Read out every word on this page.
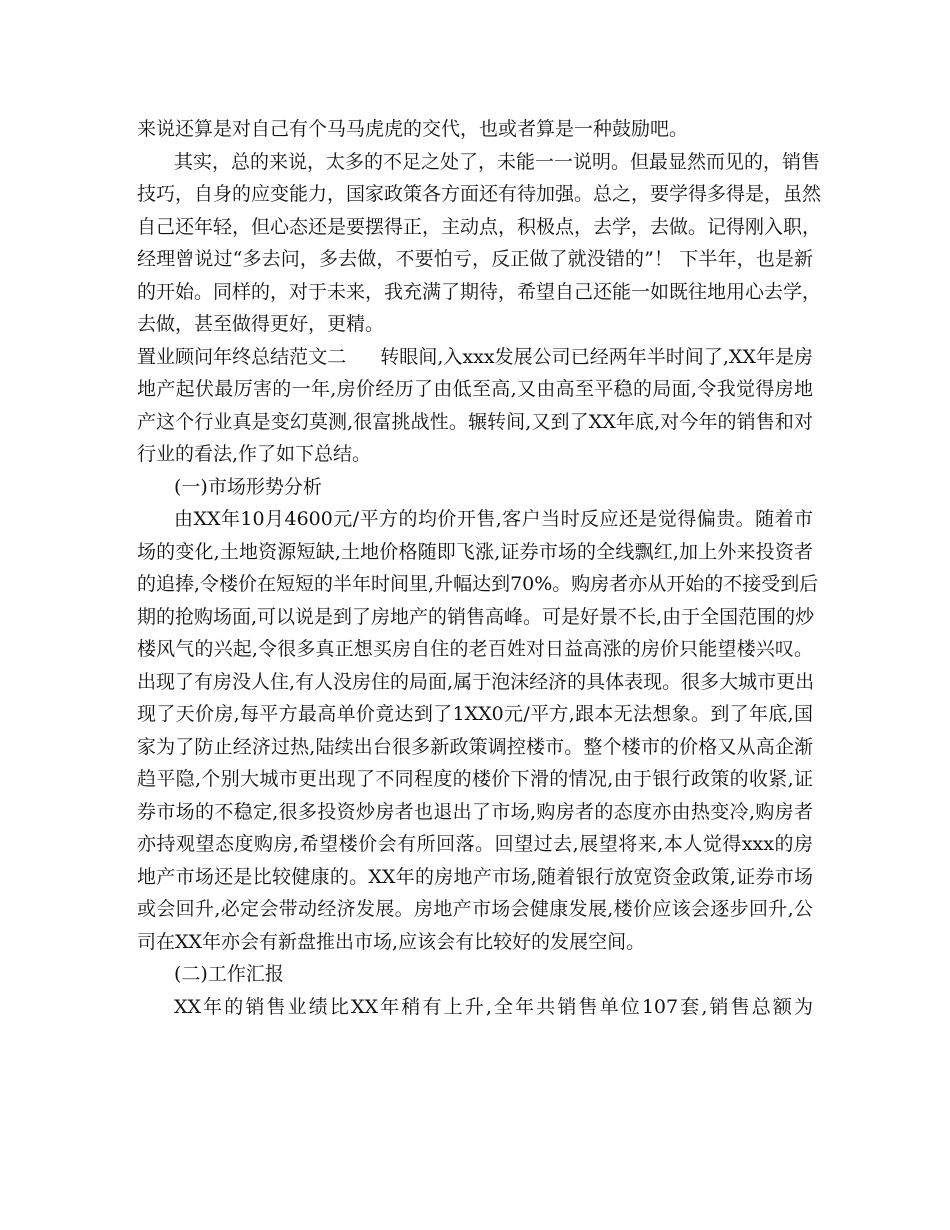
来说还算是对自己有个马马虎虎的交代，也或者算是一种鼓励吧。
其实，总的来说，太多的不足之处了，未能一一说明。但最显然而见的，销售
技巧，自身的应变能力，国家政策各方面还有待加强。总之，要学得多得是，虽然
自己还年轻，但心态还是要摆得正，主动点，积极点，去学，去做。记得刚入职，
经理曾说过“多去问，多去做，不要怕亏，反正做了就没错的”！ 下半年，也是新
的开始。同样的，对于未来，我充满了期待，希望自己还能一如既往地用心去学，
去做，甚至做得更好，更精。
置业顾问年终总结范文二 转眼间,入xxx发展公司已经两年半时间了,XX年是房
地产起伏最厉害的一年,房价经历了由低至高,又由高至平稳的局面,令我觉得房地
产这个行业真是变幻莫测,很富挑战性。辗转间,又到了XX年底,对今年的销售和对
行业的看法,作了如下总结。
(一)市场形势分析
由XX年10月4600元/平方的均价开售,客户当时反应还是觉得偏贵。随着市
场的变化,土地资源短缺,土地价格随即飞涨,证券市场的全线飘红,加上外来投资者
的追捧,令楼价在短短的半年时间里,升幅达到70%。购房者亦从开始的不接受到后
期的抢购场面,可以说是到了房地产的销售高峰。可是好景不长,由于全国范围的炒
楼风气的兴起,令很多真正想买房自住的老百姓对日益高涨的房价只能望楼兴叹。
出现了有房没人住,有人没房住的局面,属于泡沫经济的具体表现。很多大城市更出
现了天价房,每平方最高单价竟达到了1XX0元/平方,跟本无法想象。到了年底,国
家为了防止经济过热,陆续出台很多新政策调控楼市。整个楼市的价格又从高企渐
趋平隐,个别大城市更出现了不同程度的楼价下滑的情况,由于银行政策的收紧,证
券市场的不稳定,很多投资炒房者也退出了市场,购房者的态度亦由热变冷,购房者
亦持观望态度购房,希望楼价会有所回落。回望过去,展望将来,本人觉得xxx的房
地产市场还是比较健康的。XX年的房地产市场,随着银行放宽资金政策,证券市场
或会回升,必定会带动经济发展。房地产市场会健康发展,楼价应该会逐步回升,公
司在XX年亦会有新盘推出市场,应该会有比较好的发展空间。
(二)工作汇报
XX年的销售业绩比XX年稍有上升,全年共销售单位107套,销售总额为
